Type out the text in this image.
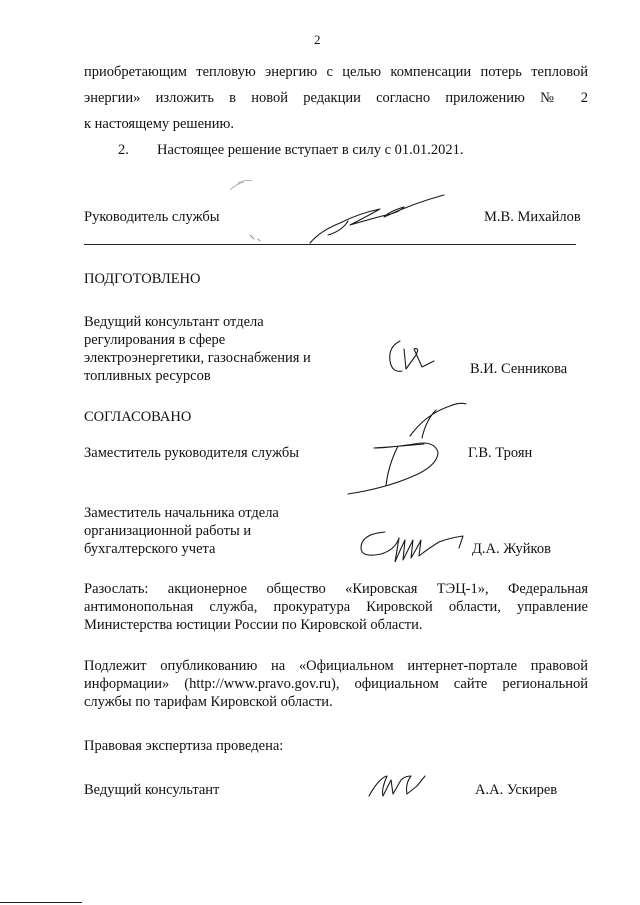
2
приобретающим тепловую энергию с целью компенсации потерь тепловой
энергии» изложить в новой редакции согласно приложению № 2
к настоящему решению.
2. Настоящее решение вступает в силу с 01.01.2021.
Руководитель службы	М.В. Михайлов
ПОДГОТОВЛЕНО
Ведущий консультант отдела
регулирования в сфере
электроэнергетики, газоснабжения и
топливных ресурсов	В.И. Сенникова
СОГЛАСОВАНО
Заместитель руководителя службы	Г.В. Троян
Заместитель начальника отдела
организационной работы и
бухгалтерского учета	Д.А. Жуйков
Разослать: акционерное общество «Кировская ТЭЦ-1», Федеральная
антимонопольная служба, прокуратура Кировской области, управление
Министерства юстиции России по Кировской области.
Подлежит опубликованию на «Официальном интернет-портале правовой
информации» (http://www.pravo.gov.ru), официальном сайте региональной
службы по тарифам Кировской области.
Правовая экспертиза проведена:
Ведущий консультант	А.А. Ускирев
